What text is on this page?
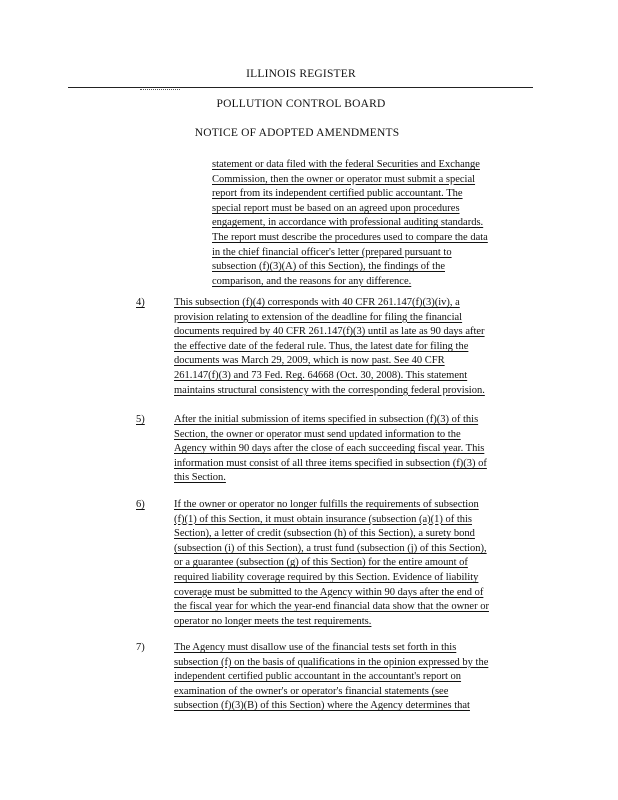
ILLINOIS REGISTER
POLLUTION CONTROL BOARD
NOTICE OF ADOPTED AMENDMENTS
statement or data filed with the federal Securities and Exchange
Commission, then the owner or operator must submit a special
report from its independent certified public accountant. The
special report must be based on an agreed upon procedures
engagement, in accordance with professional auditing standards.
The report must describe the procedures used to compare the data
in the chief financial officer's letter (prepared pursuant to
subsection (f)(3)(A) of this Section), the findings of the
comparison, and the reasons for any difference.
4)	This subsection (f)(4) corresponds with 40 CFR 261.147(f)(3)(iv), a
provision relating to extension of the deadline for filing the financial
documents required by 40 CFR 261.147(f)(3) until as late as 90 days after
the effective date of the federal rule. Thus, the latest date for filing the
documents was March 29, 2009, which is now past. See 40 CFR
261.147(f)(3) and 73 Fed. Reg. 64668 (Oct. 30, 2008). This statement
maintains structural consistency with the corresponding federal provision.
5)	After the initial submission of items specified in subsection (f)(3) of this
Section, the owner or operator must send updated information to the
Agency within 90 days after the close of each succeeding fiscal year. This
information must consist of all three items specified in subsection (f)(3) of
this Section.
6)	If the owner or operator no longer fulfills the requirements of subsection
(f)(1) of this Section, it must obtain insurance (subsection (a)(1) of this
Section), a letter of credit (subsection (h) of this Section), a surety bond
(subsection (i) of this Section), a trust fund (subsection (j) of this Section),
or a guarantee (subsection (g) of this Section) for the entire amount of
required liability coverage required by this Section. Evidence of liability
coverage must be submitted to the Agency within 90 days after the end of
the fiscal year for which the year-end financial data show that the owner or
operator no longer meets the test requirements.
7)	The Agency must disallow use of the financial tests set forth in this
subsection (f) on the basis of qualifications in the opinion expressed by the
independent certified public accountant in the accountant's report on
examination of the owner's or operator's financial statements (see
subsection (f)(3)(B) of this Section) where the Agency determines that
